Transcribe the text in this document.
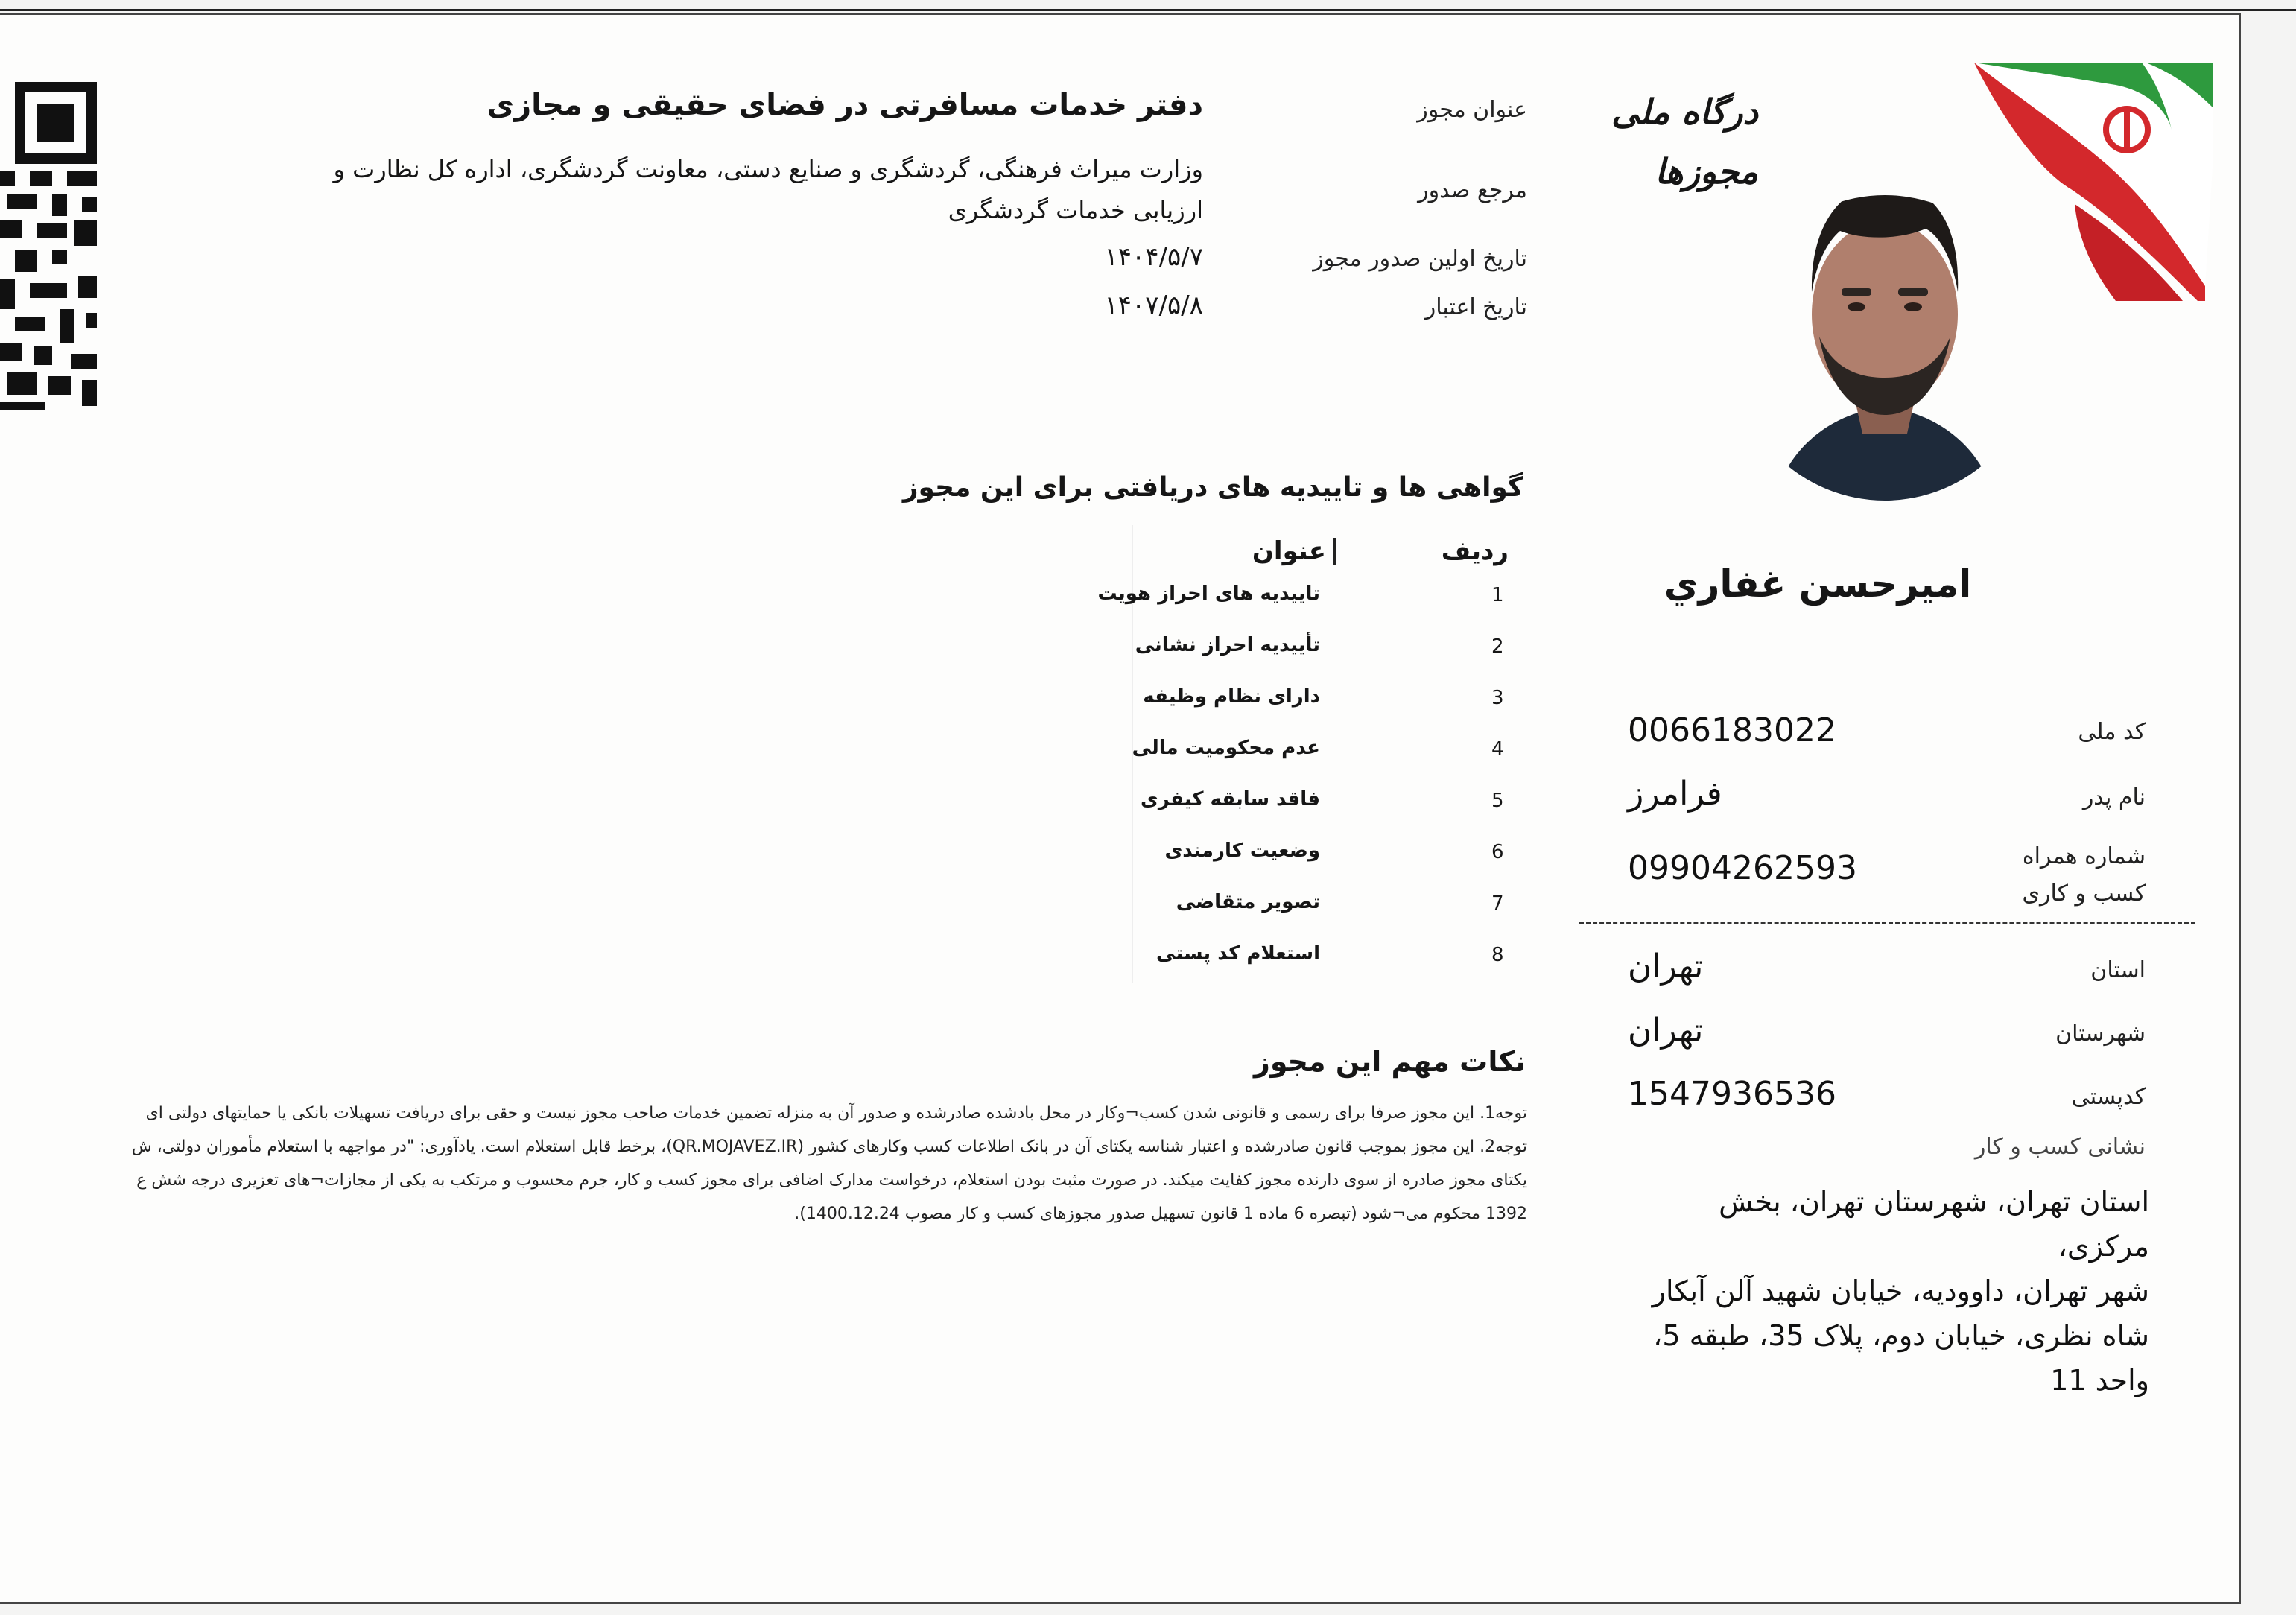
درگاه ملی مجوزها
اميرحسن غفاري
کد ملی
0066183022
نام پدر
فرامرز
شماره همراه
کسب و کاری
09904262593
استان
تهران
شهرستان
تهران
کدپستی
1547936536
نشانی کسب و کار
استان تهران، شهرستان تهران، بخش مرکزی،
شهر تهران، داوودیه، خیابان شهید آلن آبکار
شاه نظری، خیابان دوم، پلاک 35، طبقه 5،
واحد 11
عنوان مجوز
دفتر خدمات مسافرتی در فضای حقیقی و مجازی
مرجع صدور
وزارت میراث فرهنگی، گردشگری و صنایع دستی، معاونت گردشگری، اداره کل نظارت و
ارزیابی خدمات گردشگری
تاریخ اولین صدور مجوز
۱۴۰۴/۵/۷
تاریخ اعتبار
۱۴۰۷/۵/۸
گواهی ها و تاییدیه های دریافتی برای این مجوز
ردیف
عنوان
1
تاییدیه های احراز هویت
2
تأییدیه احراز نشانی
3
دارای نظام وظیفه
4
عدم محکومیت مالی
5
فاقد سابقه کیفری
6
وضعیت کارمندی
7
تصویر متقاضی
8
استعلام کد پستی
نکات مهم این مجوز
توجه1. این مجوز صرفا برای رسمی و قانونی شدن کسب¬وکار در محل بادشده صادرشده و صدور آن به منزله تضمین خدمات صاحب مجوز نیست و حقی برای دریافت تسهیلات بانکی یا حمایتهای دولتی ای
توجه2. این مجوز بموجب قانون صادرشده و اعتبار شناسه یکتای آن در بانک اطلاعات کسب وکارهای کشور (QR.MOJAVEZ.IR)، برخط قابل استعلام است. یادآوری: "در مواجهه با استعلام مأموران دولتی، ش
یکتای مجوز صادره از سوی دارنده مجوز کفایت میکند. در صورت مثبت بودن استعلام، درخواست مدارک اضافی برای مجوز کسب و کار، جرم محسوب و مرتکب به یکی از مجازات¬های تعزیری درجه شش ع
1392 محکوم می¬شود (تبصره 6 ماده 1 قانون تسهیل صدور مجوزهای کسب و کار مصوب 1400.12.24).
